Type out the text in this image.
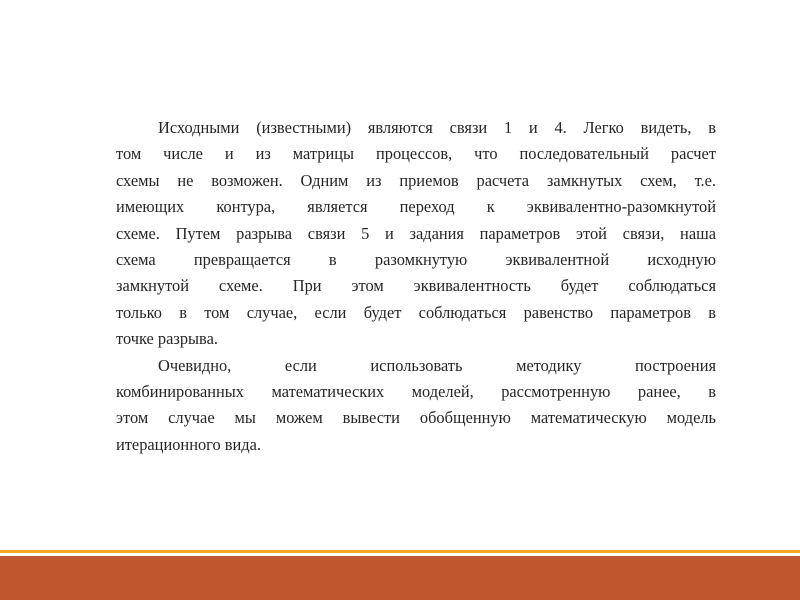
Исходными (известными) являются связи 1 и 4. Легко видеть, в
том числе и из матрицы процессов, что последовательный расчет
схемы не возможен. Одним из приемов расчета замкнутых схем, т.е.
имеющих контура, является переход к эквивалентно-разомкнутой
схеме. Путем разрыва связи 5 и задания параметров этой связи, наша
схема превращается в разомкнутую эквивалентной исходную
замкнутой схеме. При этом эквивалентность будет соблюдаться
только в том случае, если будет соблюдаться равенство параметров в
точке разрыва.
Очевидно, если использовать методику построения
комбинированных математических моделей, рассмотренную ранее, в
этом случае мы можем вывести обобщенную математическую модель
итерационного вида.
